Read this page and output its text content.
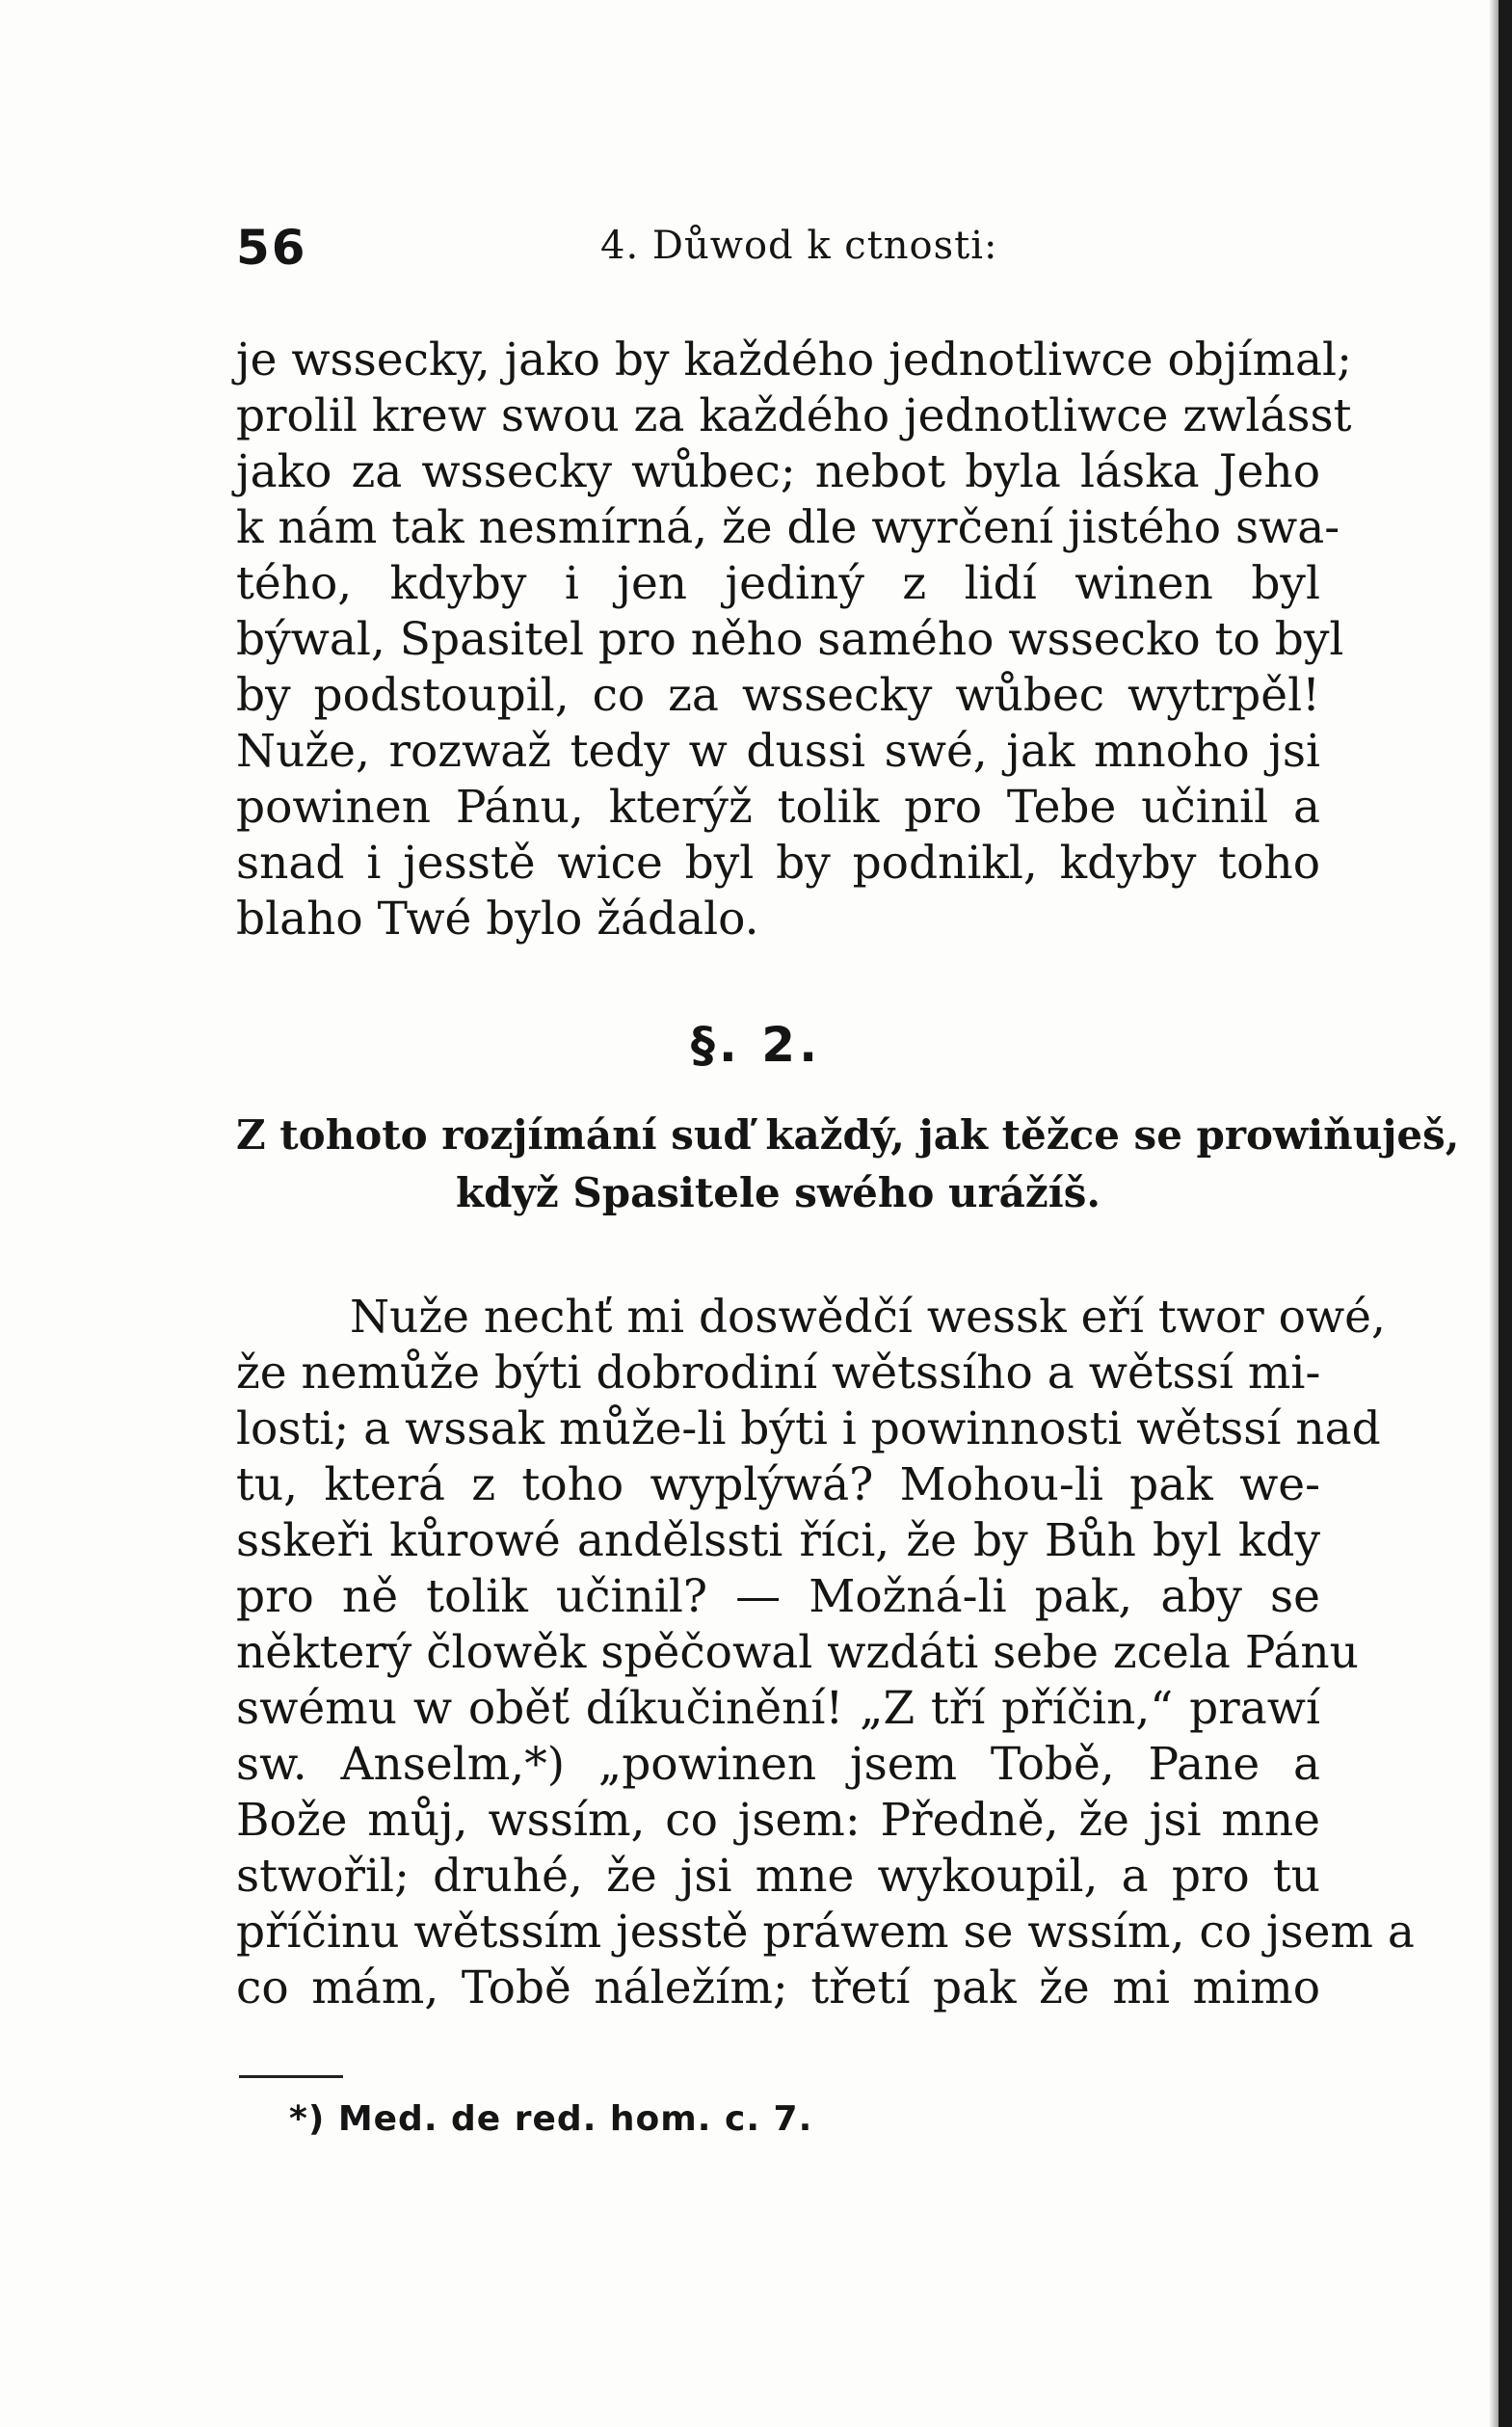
56	4. Důwod k ctnosti:
je wssecky, jako by každého jednotliwce objímal;
prolil krew swou za každého jednotliwce zwlásst
jako za wssecky wůbec; nebot byla láska Jeho
k nám tak nesmírná, že dle wyrčení jistého swa-
tého, kdyby i jen jediný z lidí winen byl
býwal, Spasitel pro něho samého wsseckо to byl
by podstoupil, co za wssecky wůbec wytrpěl!
Nuže, rozwaž tedy w dussi swé, jak mnoho jsi
powinen Pánu, kterýž tolik pro Tebe učinil a
snad i jesstě wice byl by podnikl, kdyby toho
blaho Twé bylo žádalo.
§. 2.
Z tohoto rozjímání suď každý, jak těžce se prowiňuješ,
když Spasitele swého urážíš.
Nuže nechť mi doswědčí wessk eří twor owé,
že nemůže býti dobrodiní wětssího a wětssí mi-
losti; a wssak může-li býti i powinnosti wětssí nad
tu, která z toho wyplýwá? Mohou-li pak we-
sskeři kůrowé andělssti říci, že by Bůh byl kdy
pro ně tolik učinil? — Možná-li pak, aby se
některý člowěk spěčowal wzdáti sebe zcela Pánu
swému w oběť díkučinění! „Z tří příčin,“ prawí
sw. Anselm,*) „powinen jsem Tobě, Pane a
Bože můj, wssím, co jsem: Předně, že jsi mne
stwořil; druhé, že jsi mne wykoupil, a pro tu
příčinu wětssím jesstě práwem se wssím, co jsem a
co mám, Tobě náležím; třetí pak že mi mimo
*) Med. de red. hom. c. 7.
